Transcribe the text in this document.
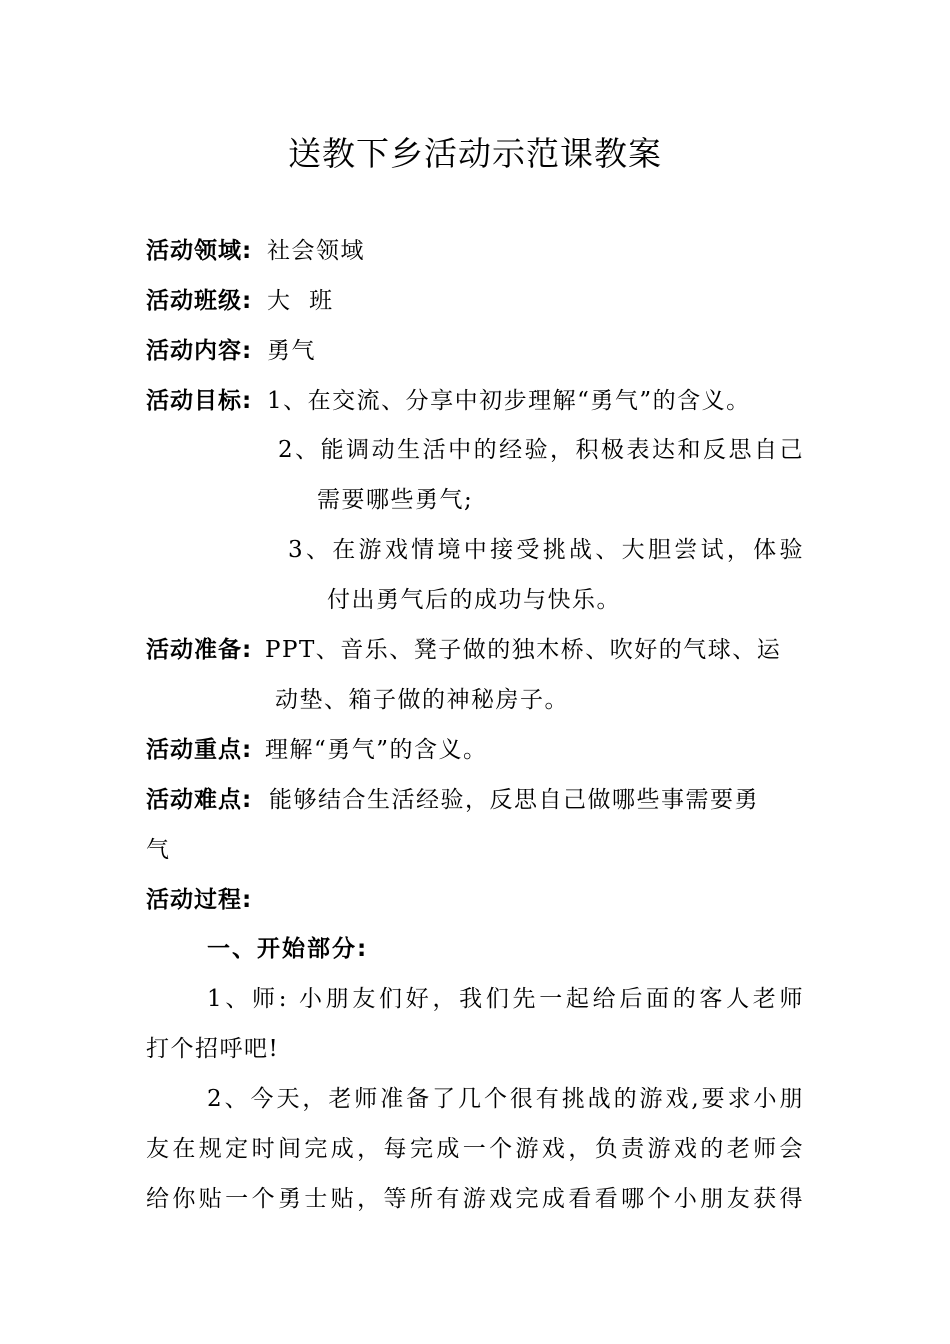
送教下乡活动示范课教案
活动领域: 社会领域
活动班级: 大  班
活动内容: 勇气
活动目标: 1、在交流、分享中初步理解“勇气”的含义。
2、能调动生活中的经验，积极表达和反思自己
需要哪些勇气;
3、在游戏情境中接受挑战、大胆尝试，体验
付出勇气后的成功与快乐。
活动准备: PPT、音乐、凳子做的独木桥、吹好的气球、运
动垫、箱子做的神秘房子。
活动重点: 理解“勇气”的含义。
活动难点: 能够结合生活经验，反思自己做哪些事需要勇
气
活动过程:
一、开始部分:
1、师: 小朋友们好，我们先一起给后面的客人老师
打个招呼吧!
2、今天，老师准备了几个很有挑战的游戏,要求小朋
友在规定时间完成，每完成一个游戏，负责游戏的老师会
给你贴一个勇士贴，等所有游戏完成看看哪个小朋友获得
